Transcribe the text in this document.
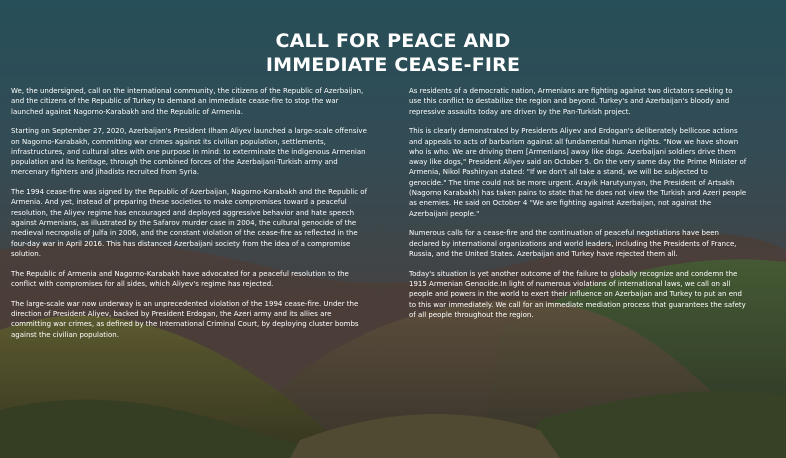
CALL FOR PEACE AND
IMMEDIATE CEASE-FIRE

We, the undersigned, call on the international community, the citizens of the Republic of Azerbaijan, and the citizens of the Republic of Turkey to demand an immediate cease-fire to stop the war launched against Nagorno-Karabakh and the Republic of Armenia.

Starting on September 27, 2020, Azerbaijan's President Ilham Aliyev launched a large-scale offensive on Nagorno-Karabakh, committing war crimes against its civilian population, settlements, infrastructures, and cultural sites with one purpose in mind: to exterminate the indigenous Armenian population and its heritage, through the combined forces of the Azerbaijani-Turkish army and mercenary fighters and jihadists recruited from Syria.

The 1994 cease-fire was signed by the Republic of Azerbaijan, Nagorno-Karabakh and the Republic of Armenia. And yet, instead of preparing these societies to make compromises toward a peaceful resolution, the Aliyev regime has encouraged and deployed aggressive behavior and hate speech against Armenians, as illustrated by the Safarov murder case in 2004, the cultural genocide of the medieval necropolis of Julfa in 2006, and the constant violation of the cease-fire as reflected in the four-day war in April 2016. This has distanced Azerbaijani society from the idea of a compromise solution.

The Republic of Armenia and Nagorno-Karabakh have advocated for a peaceful resolution to the conflict with compromises for all sides, which Aliyev's regime has rejected.

The large-scale war now underway is an unprecedented violation of the 1994 cease-fire. Under the direction of President Aliyev, backed by President Erdogan, the Azeri army and its allies are committing war crimes, as defined by the International Criminal Court, by deploying cluster bombs against the civilian population.

As residents of a democratic nation, Armenians are fighting against two dictators seeking to use this conflict to destabilize the region and beyond. Turkey's and Azerbaijan's bloody and repressive assaults today are driven by the Pan-Turkish project.

This is clearly demonstrated by Presidents Aliyev and Erdogan's deliberately bellicose actions and appeals to acts of barbarism against all fundamental human rights. "Now we have shown who is who. We are driving them [Armenians] away like dogs. Azerbaijani soldiers drive them away like dogs," President Aliyev said on October 5. On the very same day the Prime Minister of Armenia, Nikol Pashinyan stated: "If we don't all take a stand, we will be subjected to genocide." The time could not be more urgent. Arayik Harutyunyan, the President of Artsakh (Nagorno Karabakh) has taken pains to state that he does not view the Turkish and Azeri people as enemies. He said on October 4 "We are fighting against Azerbaijan, not against the Azerbaijani people."

Numerous calls for a cease-fire and the continuation of peaceful negotiations have been declared by international organizations and world leaders, including the Presidents of France, Russia, and the United States. Azerbaijan and Turkey have rejected them all.

Today's situation is yet another outcome of the failure to globally recognize and condemn the 1915 Armenian Genocide.In light of numerous violations of international laws, we call on all people and powers in the world to exert their influence on Azerbaijan and Turkey to put an end to this war immediately. We call for an immediate mediation process that guarantees the safety of all people throughout the region.
